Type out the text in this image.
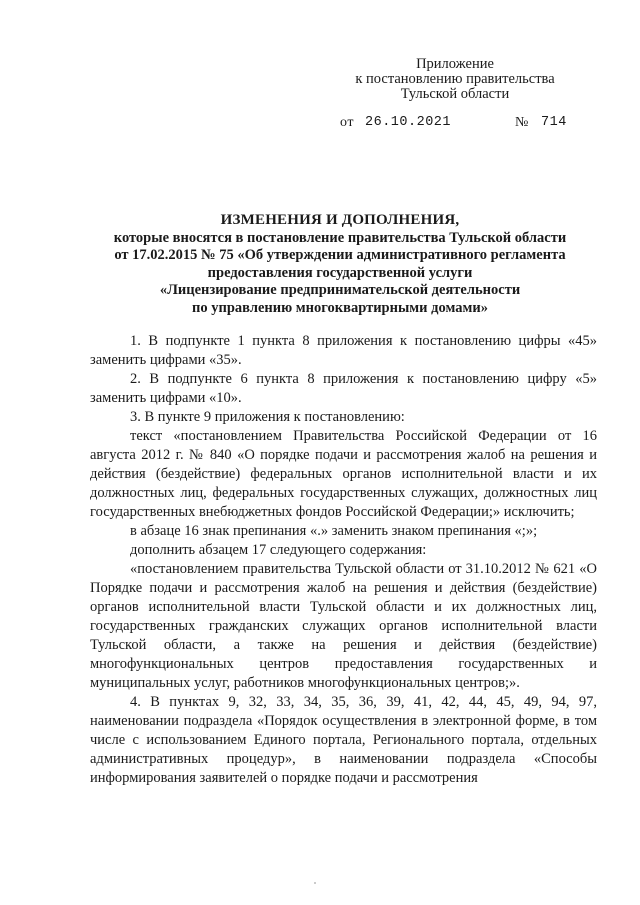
Приложение
к постановлению правительства
Тульской области
от 26.10.2021	№ 714
ИЗМЕНЕНИЯ И ДОПОЛНЕНИЯ,
которые вносятся в постановление правительства Тульской области
от 17.02.2015 № 75 «Об утверждении административного регламента
предоставления государственной услуги
«Лицензирование предпринимательской деятельности
по управлению многоквартирными домами»

1. В подпункте 1 пункта 8 приложения к постановлению цифры «45» заменить цифрами «35».

2. В подпункте 6 пункта 8 приложения к постановлению цифру «5» заменить цифрами «10».

3. В пункте 9 приложения к постановлению:

текст «постановлением Правительства Российской Федерации от 16 августа 2012 г. № 840 «О порядке подачи и рассмотрения жалоб на решения и действия (бездействие) федеральных органов исполнительной власти и их должностных лиц, федеральных государственных служащих, должностных лиц государственных внебюджетных фондов Российской Федерации;» исключить;

в абзаце 16 знак препинания «.» заменить знаком препинания «;»;

дополнить абзацем 17 следующего содержания:

«постановлением правительства Тульской области от 31.10.2012 № 621 «О Порядке подачи и рассмотрения жалоб на решения и действия (бездействие) органов исполнительной власти Тульской области и их должностных лиц, государственных гражданских служащих органов исполнительной власти Тульской области, а также на решения и действия (бездействие) многофункциональных центров предоставления государственных и муниципальных услуг, работников многофункциональных центров;».

4. В пунктах 9, 32, 33, 34, 35, 36, 39, 41, 42, 44, 45, 49, 94, 97, наименовании подраздела «Порядок осуществления в электронной форме, в том числе с использованием Единого портала, Регионального портала, отдельных административных процедур», в наименовании подраздела «Способы информирования заявителей о порядке подачи и рассмотрения
